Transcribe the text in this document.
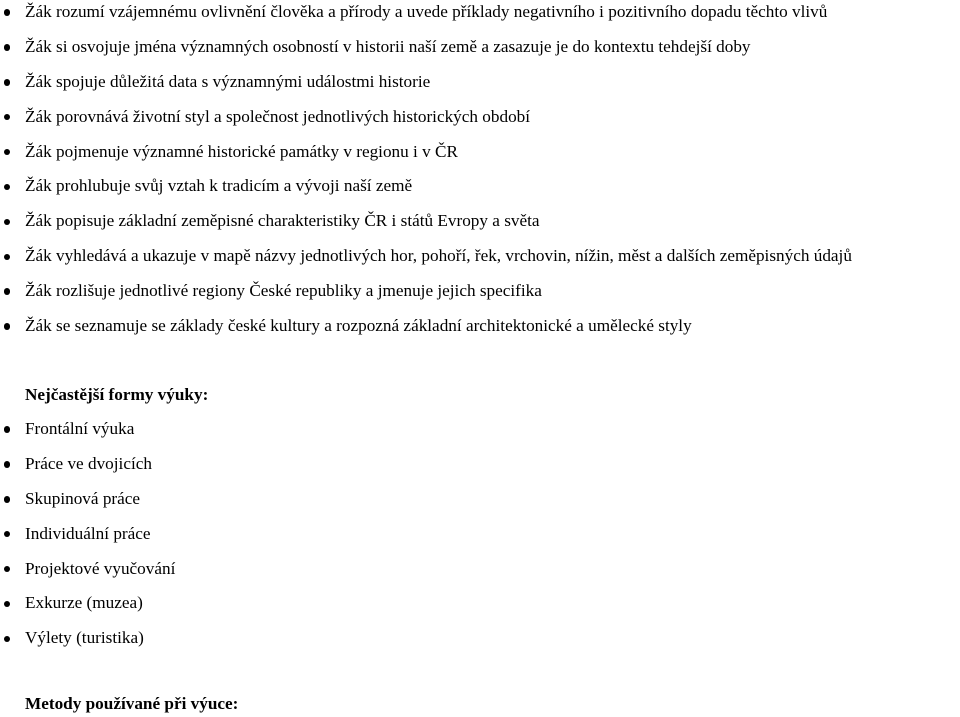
Žák rozumí vzájemnému ovlivnění člověka a přírody a uvede příklady negativního i pozitivního dopadu těchto vlivů
Žák si osvojuje jména významných osobností v historii naší země a zasazuje je do kontextu tehdejší doby
Žák spojuje důležitá data s významnými událostmi historie
Žák porovnává životní styl a společnost jednotlivých historických období
Žák pojmenuje významné historické památky v regionu i v ČR
Žák prohlubuje svůj vztah k tradicím a vývoji naší země
Žák popisuje základní zeměpisné charakteristiky ČR i států Evropy a světa
Žák vyhledává a ukazuje v mapě názvy jednotlivých hor, pohoří, řek, vrchovin, nížin, měst a dalších zeměpisných údajů
Žák rozlišuje jednotlivé regiony České republiky a jmenuje jejich specifika
Žák se seznamuje se základy české kultury a rozpozná základní architektonické a umělecké styly
Nejčastější formy výuky:
Frontální výuka
Práce ve dvojicích
Skupinová práce
Individuální práce
Projektové vyučování
Exkurze (muzea)
Výlety (turistika)
Metody používané při výuce:
